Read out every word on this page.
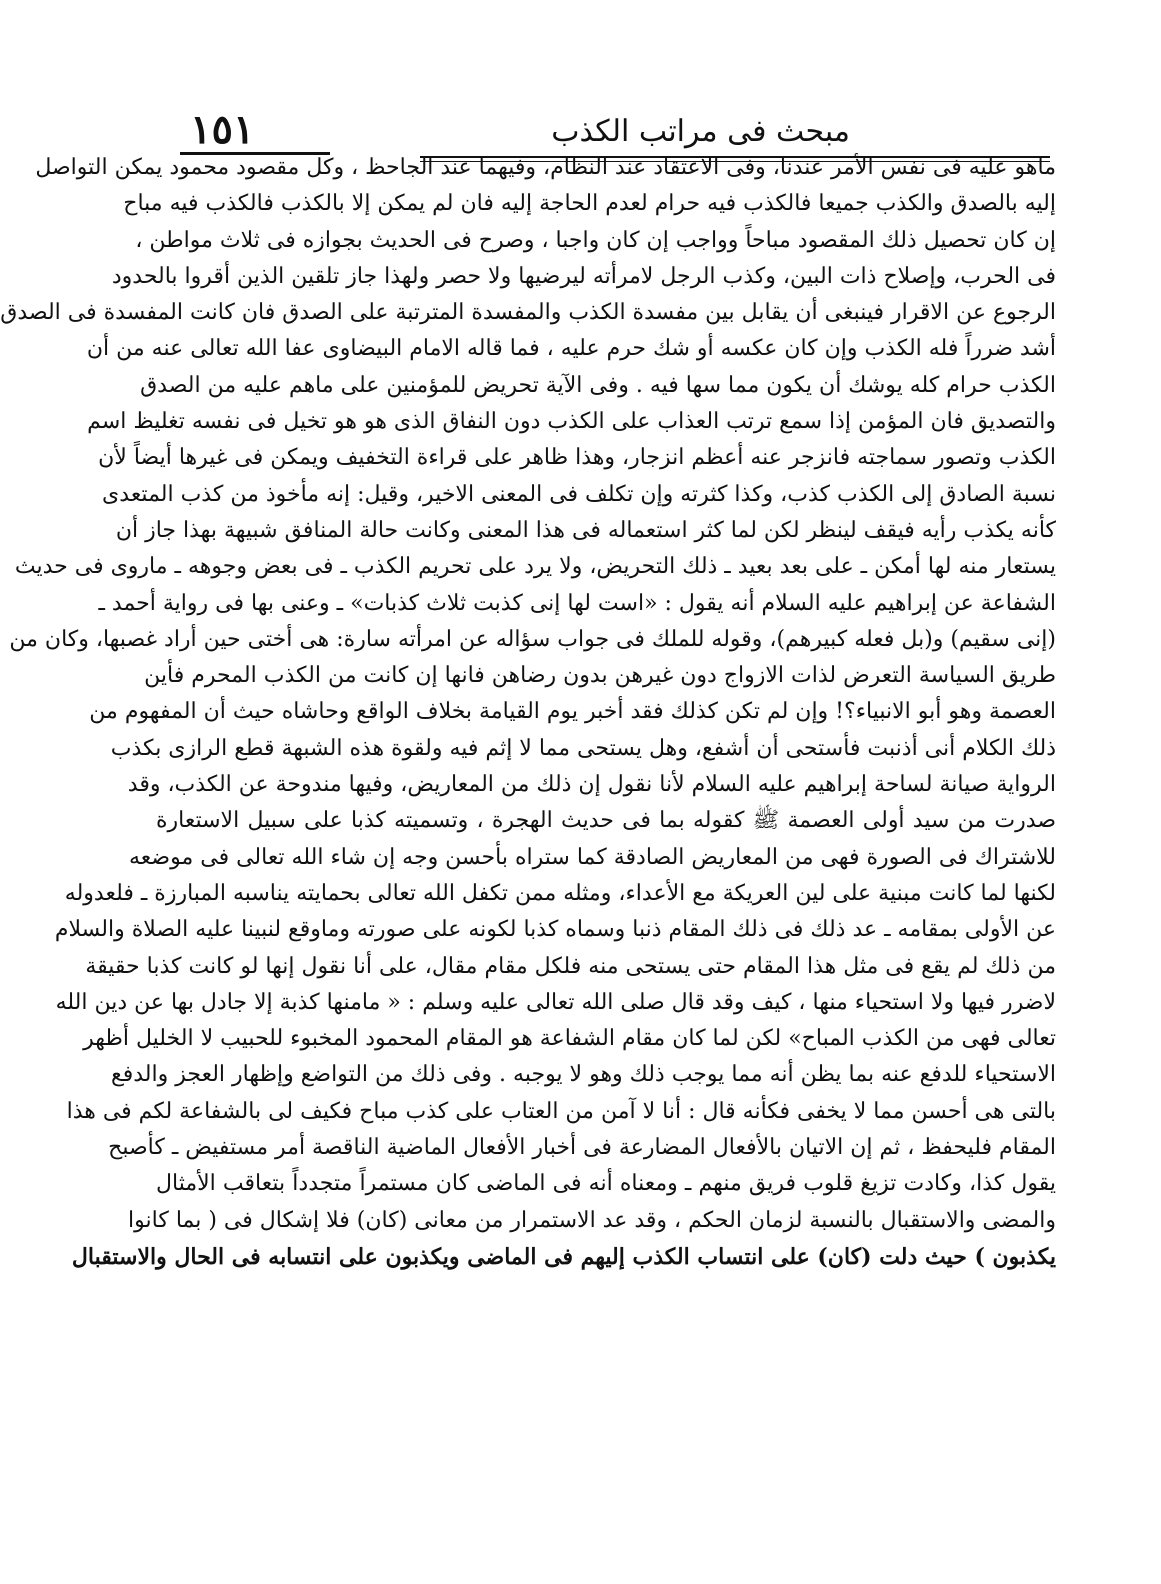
١٥١	مبحث فى مراتب الكذب
ماهو عليه فى نفس الأمر عندنا، وفى الاعتقاد عند النظام، وفيهما عند الجاحظ ، وكل مقصود محمود يمكن التواصل
إليه بالصدق والكذب جميعا فالكذب فيه حرام لعدم الحاجة إليه فان لم يمكن إلا بالكذب فالكذب فيه مباح
إن كان تحصيل ذلك المقصود مباحاً وواجب إن كان واجبا ، وصرح فى الحديث بجوازه فى ثلاث مواطن ،
فى الحرب، وإصلاح ذات البين، وكذب الرجل لامرأته ليرضيها ولا حصر ولهذا جاز تلقين الذين أقروا بالحدود
الرجوع عن الاقرار فينبغى أن يقابل بين مفسدة الكذب والمفسدة المترتبة على الصدق فان كانت المفسدة فى الصدق
أشد ضرراً فله الكذب وإن كان عكسه أو شك حرم عليه ، فما قاله الامام البيضاوى عفا الله تعالى عنه من أن
الكذب حرام كله يوشك أن يكون مما سها فيه . وفى الآية تحريض للمؤمنين على ماهم عليه من الصدق
والتصديق فان المؤمن إذا سمع ترتب العذاب على الكذب دون النفاق الذى هو هو تخيل فى نفسه تغليظ اسم
الكذب وتصور سماجته فانزجر عنه أعظم انزجار، وهذا ظاهر على قراءة التخفيف ويمكن فى غيرها أيضاً لأن
نسبة الصادق إلى الكذب كذب، وكذا كثرته وإن تكلف فى المعنى الاخير، وقيل: إنه مأخوذ من كذب المتعدى
كأنه يكذب رأيه فيقف لينظر لكن لما كثر استعماله فى هذا المعنى وكانت حالة المنافق شبيهة بهذا جاز أن
يستعار منه لها أمكن ـ على بعد بعيد ـ ذلك التحريض، ولا يرد على تحريم الكذب ـ فى بعض وجوهه ـ ماروى فى حديث
الشفاعة عن إبراهيم عليه السلام أنه يقول : «است لها إنى كذبت ثلاث كذبات» ـ وعنى بها فى رواية أحمد ـ
(إنى سقيم) و(بل فعله كبيرهم)، وقوله للملك فى جواب سؤاله عن امرأته سارة: هى أختى حين أراد غصبها، وكان من
طريق السياسة التعرض لذات الازواج دون غيرهن بدون رضاهن فانها إن كانت من الكذب المحرم فأين
العصمة وهو أبو الانبياء؟! وإن لم تكن كذلك فقد أخبر يوم القيامة بخلاف الواقع وحاشاه حيث أن المفهوم من
ذلك الكلام أنى أذنبت فأستحى أن أشفع، وهل يستحى مما لا إثم فيه ولقوة هذه الشبهة قطع الرازى بكذب
الرواية صيانة لساحة إبراهيم عليه السلام لأنا نقول إن ذلك من المعاريض، وفيها مندوحة عن الكذب، وقد
صدرت من سيد أولى العصمة ﷺ كقوله بما فى حديث الهجرة ، وتسميته كذبا على سبيل الاستعارة
للاشتراك فى الصورة فهى من المعاريض الصادقة كما ستراه بأحسن وجه إن شاء الله تعالى فى موضعه
لكنها لما كانت مبنية على لين العريكة مع الأعداء، ومثله ممن تكفل الله تعالى بحمايته يناسبه المبارزة ـ فلعدوله
عن الأولى بمقامه ـ عد ذلك فى ذلك المقام ذنبا وسماه كذبا لكونه على صورته وماوقع لنبينا عليه الصلاة والسلام
من ذلك لم يقع فى مثل هذا المقام حتى يستحى منه فلكل مقام مقال، على أنا نقول إنها لو كانت كذبا حقيقة
لاضرر فيها ولا استحياء منها ، كيف وقد قال صلى الله تعالى عليه وسلم : « مامنها كذبة إلا جادل بها عن دين الله
تعالى فهى من الكذب المباح» لكن لما كان مقام الشفاعة هو المقام المحمود المخبوء للحبيب لا الخليل أظهر
الاستحياء للدفع عنه بما يظن أنه مما يوجب ذلك وهو لا يوجبه . وفى ذلك من التواضع وإظهار العجز والدفع
بالتى هى أحسن مما لا يخفى فكأنه قال : أنا لا آمن من العتاب على كذب مباح فكيف لى بالشفاعة لكم فى هذا
المقام فليحفظ ، ثم إن الاتيان بالأفعال المضارعة فى أخبار الأفعال الماضية الناقصة أمر مستفيض ـ كأصبح
يقول كذا، وكادت تزيغ قلوب فريق منهم ـ ومعناه أنه فى الماضى كان مستمراً متجدداً بتعاقب الأمثال
والمضى والاستقبال بالنسبة لزمان الحكم ، وقد عد الاستمرار من معانى (كان) فلا إشكال فى ( بما كانوا
يكذبون ) حيث دلت (كان) على انتساب الكذب إليهم فى الماضى ويكذبون على انتسابه فى الحال والاستقبال
